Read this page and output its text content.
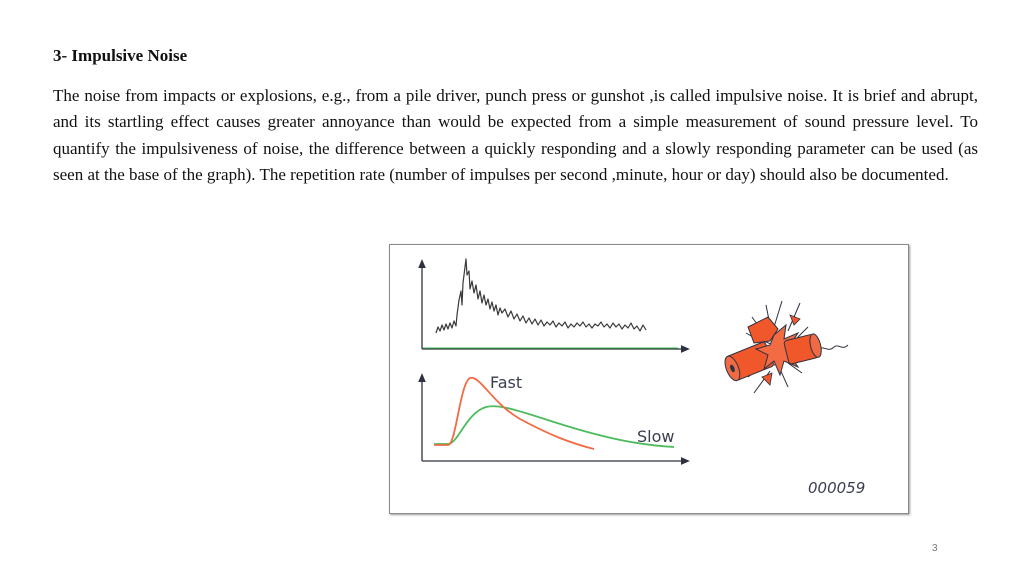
3- Impulsive Noise

The noise from impacts or explosions, e.g., from a pile driver, punch press or gunshot ,is called impulsive noise. It is brief and abrupt, and its startling effect causes greater annoyance than would be expected from a simple measurement of sound pressure level. To quantify the impulsiveness of noise, the difference between a quickly responding and a slowly responding parameter can be used (as seen at the base of the graph). The repetition rate (number of impulses per second ,minute, hour or day) should also be documented.

Fast
Slow
000059
3
